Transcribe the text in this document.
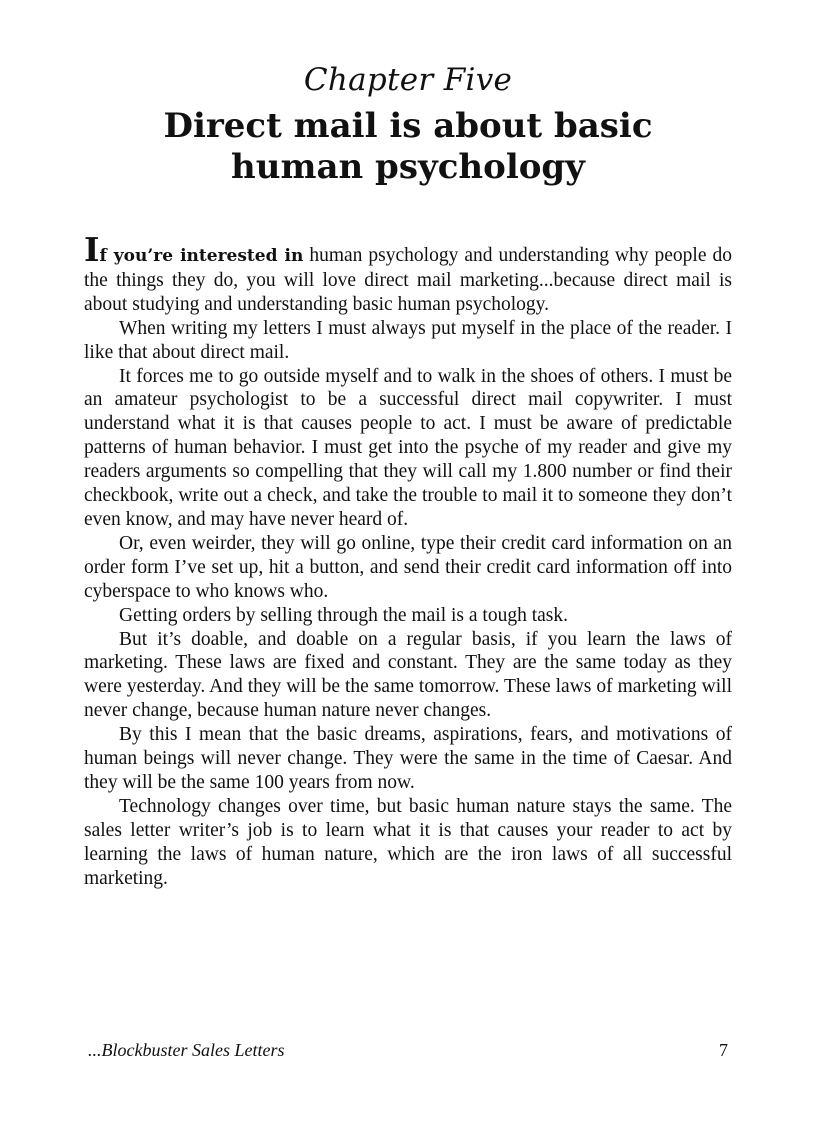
Chapter Five
Direct mail is about basic human psychology

If you’re interested in human psychology and understanding why people do the things they do, you will love direct mail marketing...because direct mail is about studying and understanding basic human psychology.

When writing my letters I must always put myself in the place of the reader. I like that about direct mail.

It forces me to go outside myself and to walk in the shoes of others. I must be an amateur psychologist to be a successful direct mail copywriter. I must understand what it is that causes people to act. I must be aware of predictable patterns of human behavior. I must get into the psyche of my reader and give my readers arguments so compelling that they will call my 1.800 number or find their checkbook, write out a check, and take the trouble to mail it to someone they don’t even know, and may have never heard of.

Or, even weirder, they will go online, type their credit card information on an order form I’ve set up, hit a button, and send their credit card information off into cyberspace to who knows who.

Getting orders by selling through the mail is a tough task.

But it’s doable, and doable on a regular basis, if you learn the laws of marketing. These laws are fixed and constant. They are the same today as they were yesterday. And they will be the same tomorrow. These laws of marketing will never change, because human nature never changes.

By this I mean that the basic dreams, aspirations, fears, and motivations of human beings will never change. They were the same in the time of Caesar. And they will be the same 100 years from now.

Technology changes over time, but basic human nature stays the same. The sales letter writer’s job is to learn what it is that causes your reader to act by learning the laws of human nature, which are the iron laws of all successful marketing.

...Blockbuster Sales Letters	7
